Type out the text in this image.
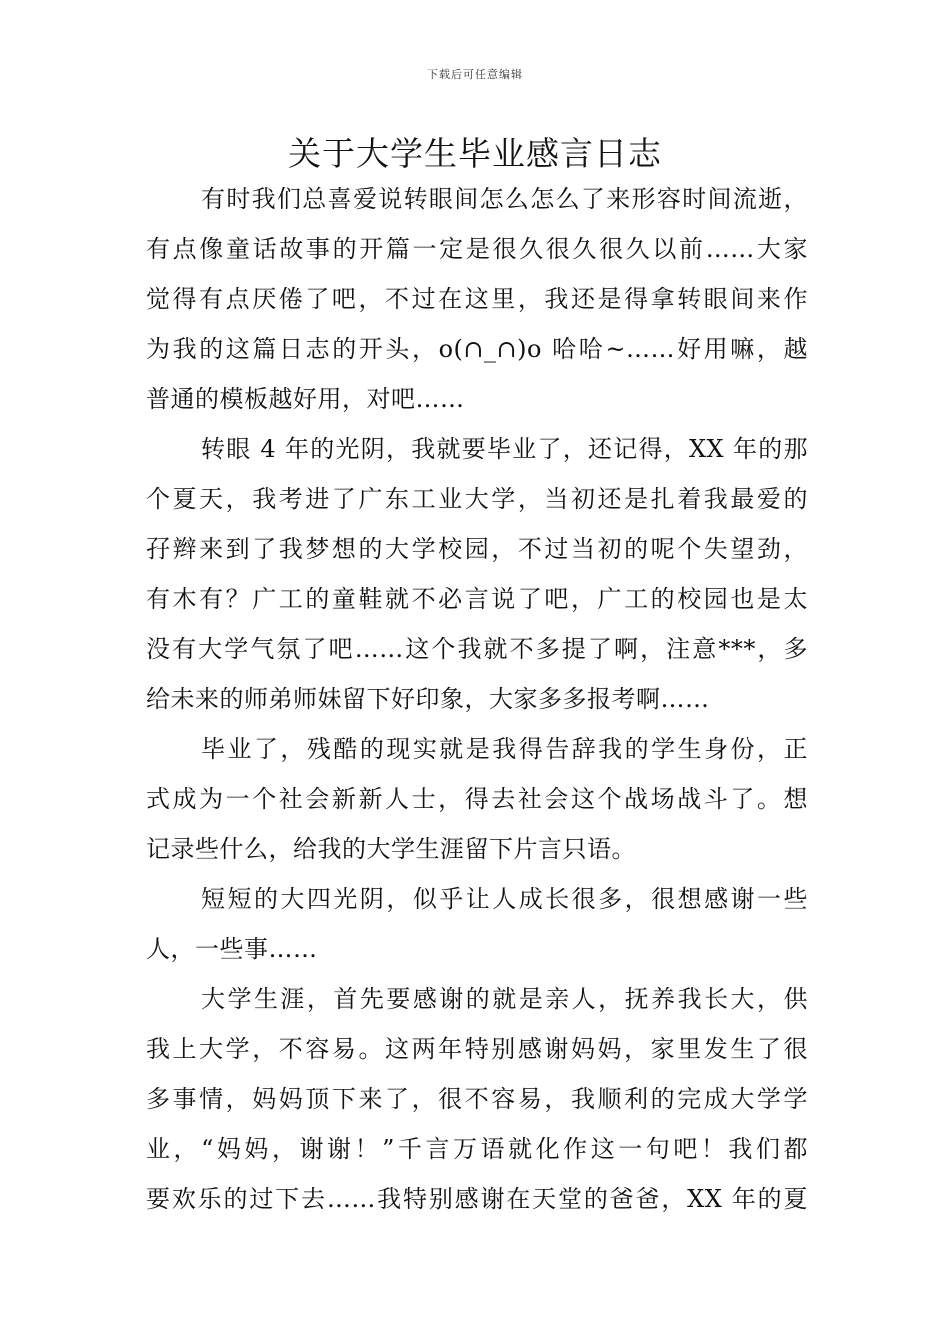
下载后可任意编辑
关于大学生毕业感言日志
有时我们总喜爱说转眼间怎么怎么了来形容时间流逝，
有点像童话故事的开篇一定是很久很久很久以前……大家
觉得有点厌倦了吧，不过在这里，我还是得拿转眼间来作
为我的这篇日志的开头，o(∩_∩)o 哈哈~……好用嘛，越
普通的模板越好用，对吧……
转眼 4 年的光阴，我就要毕业了，还记得，XX 年的那
个夏天，我考进了广东工业大学，当初还是扎着我最爱的
孖辫来到了我梦想的大学校园，不过当初的呢个失望劲，
有木有？广工的童鞋就不必言说了吧，广工的校园也是太
没有大学气氛了吧……这个我就不多提了啊，注意***，多
给未来的师弟师妹留下好印象，大家多多报考啊……
毕业了，残酷的现实就是我得告辞我的学生身份，正
式成为一个社会新新人士，得去社会这个战场战斗了。想
记录些什么，给我的大学生涯留下片言只语。
短短的大四光阴，似乎让人成长很多，很想感谢一些
人，一些事……
大学生涯，首先要感谢的就是亲人，抚养我长大，供
我上大学，不容易。这两年特别感谢妈妈，家里发生了很
多事情，妈妈顶下来了，很不容易，我顺利的完成大学学
业，“妈妈，谢谢！”千言万语就化作这一句吧！我们都
要欢乐的过下去……我特别感谢在天堂的爸爸，XX 年的夏
